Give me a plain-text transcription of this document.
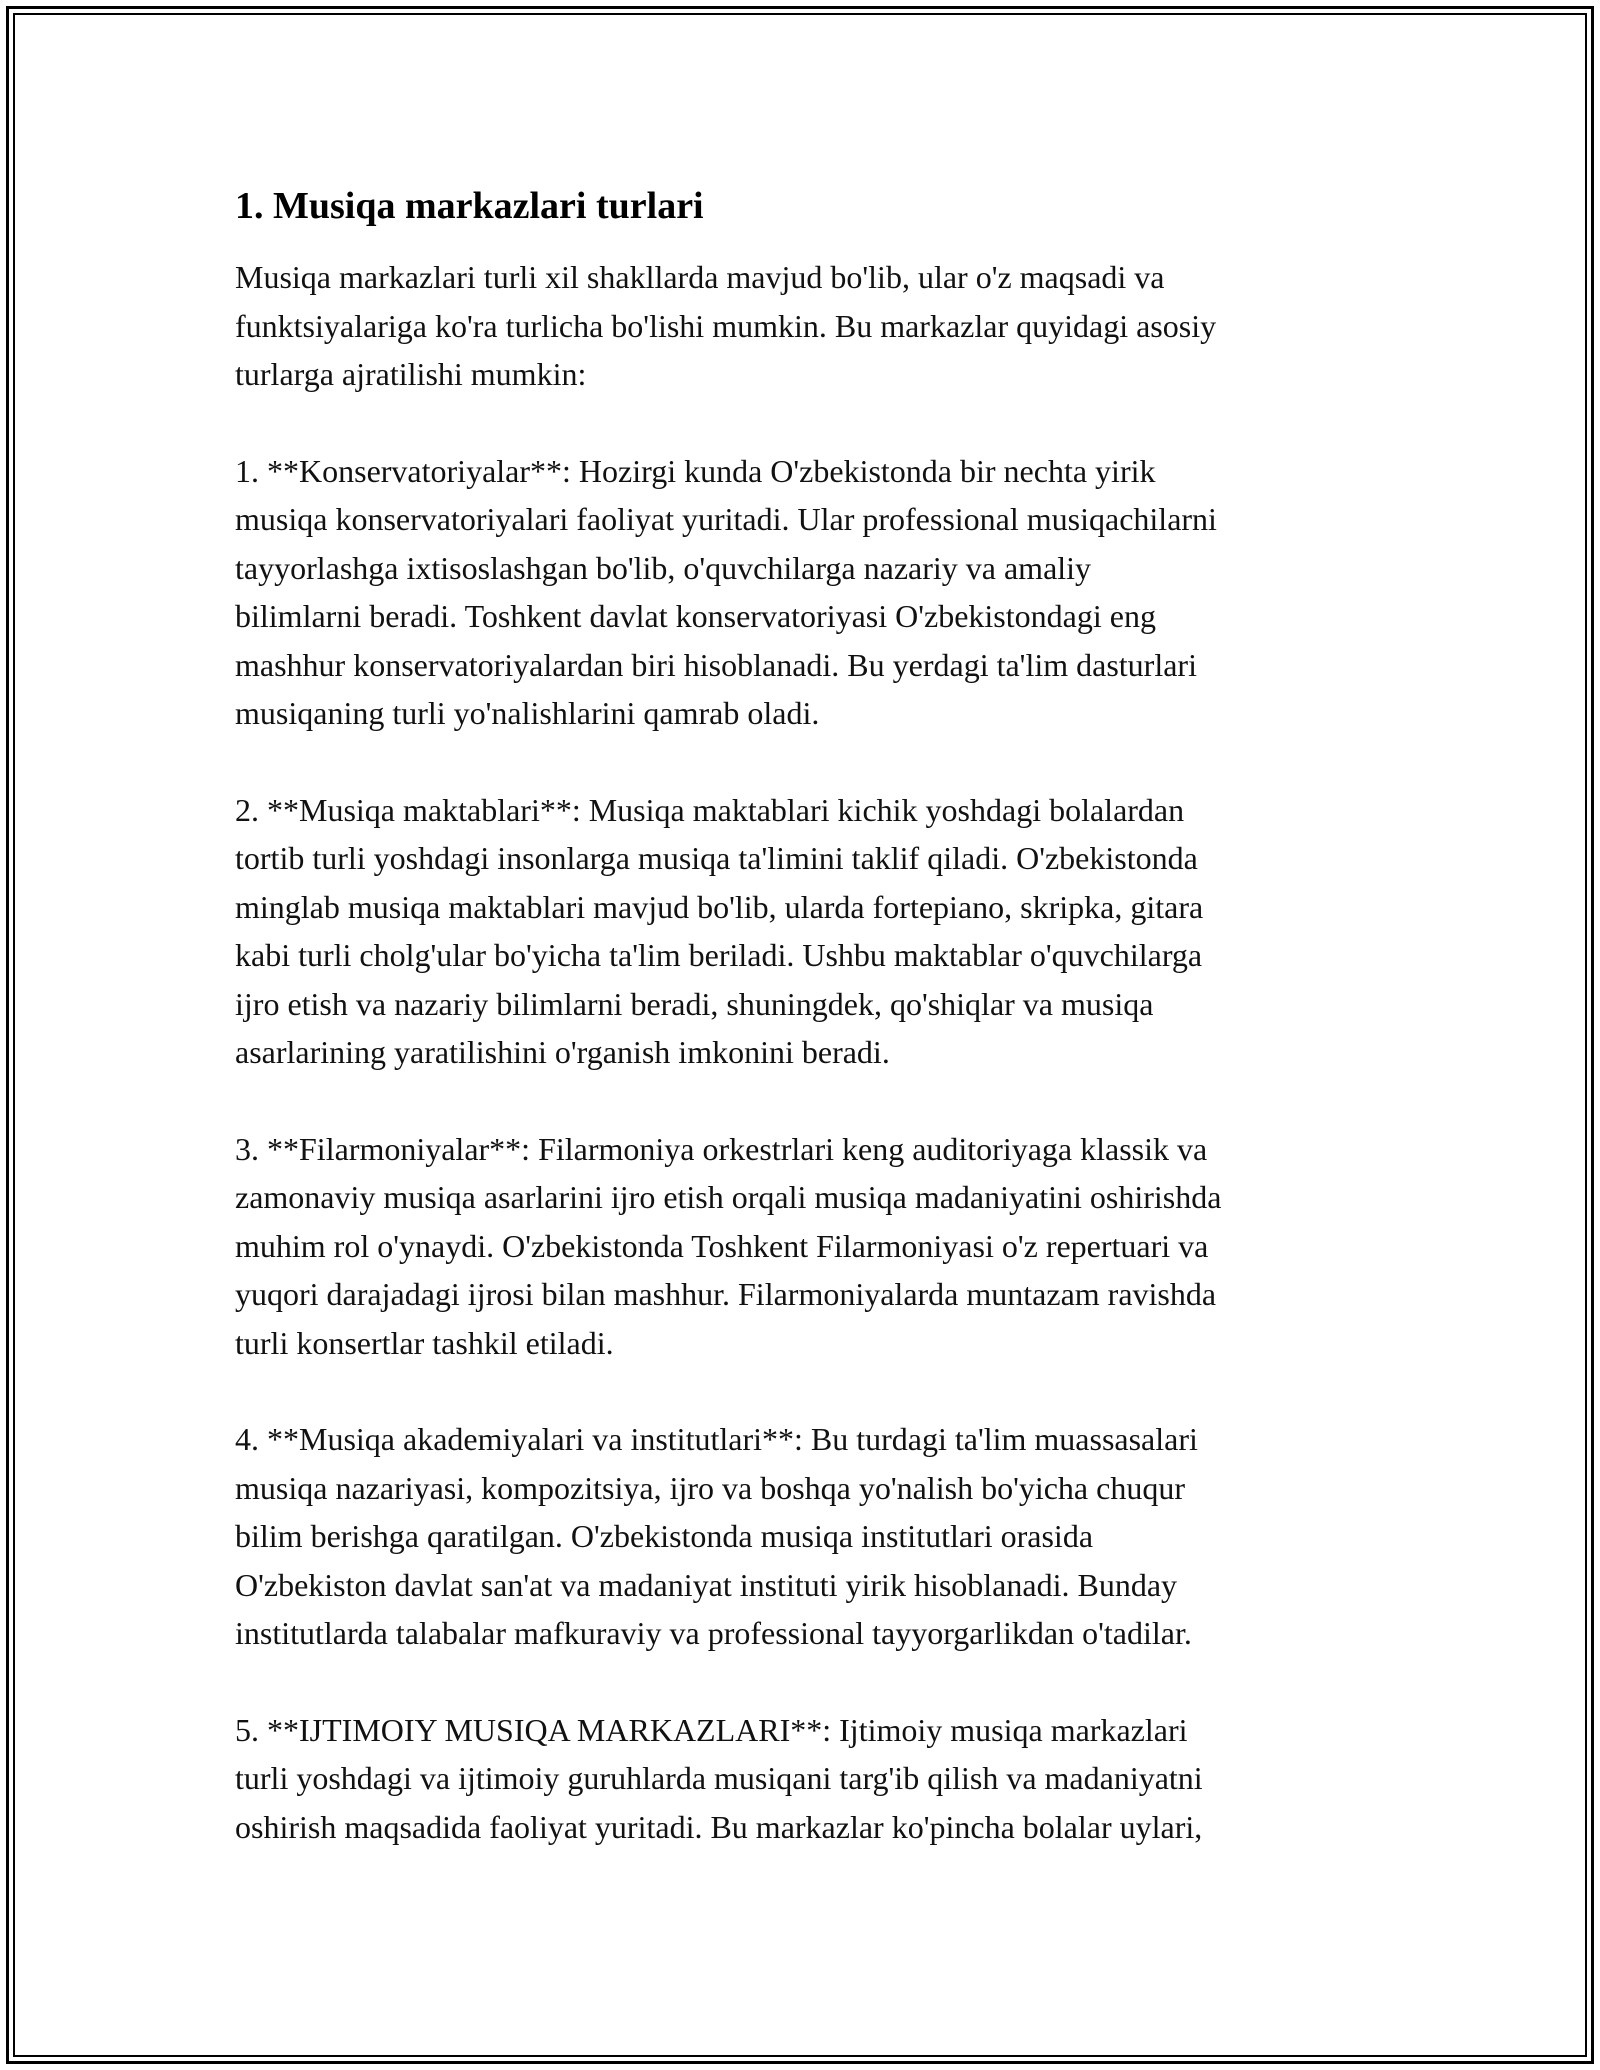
1. Musiqa markazlari turlari

Musiqa markazlari turli xil shakllarda mavjud bo'lib, ular o'z maqsadi va
funktsiyalariga ko'ra turlicha bo'lishi mumkin. Bu markazlar quyidagi asosiy
turlarga ajratilishi mumkin:

1. **Konservatoriyalar**: Hozirgi kunda O'zbekistonda bir nechta yirik
musiqa konservatoriyalari faoliyat yuritadi. Ular professional musiqachilarni
tayyorlashga ixtisoslashgan bo'lib, o'quvchilarga nazariy va amaliy
bilimlarni beradi. Toshkent davlat konservatoriyasi O'zbekistondagi eng
mashhur konservatoriyalardan biri hisoblanadi. Bu yerdagi ta'lim dasturlari
musiqaning turli yo'nalishlarini qamrab oladi.

2. **Musiqa maktablari**: Musiqa maktablari kichik yoshdagi bolalardan
tortib turli yoshdagi insonlarga musiqa ta'limini taklif qiladi. O'zbekistonda
minglab musiqa maktablari mavjud bo'lib, ularda fortepiano, skripka, gitara
kabi turli cholg'ular bo'yicha ta'lim beriladi. Ushbu maktablar o'quvchilarga
ijro etish va nazariy bilimlarni beradi, shuningdek, qo'shiqlar va musiqa
asarlarining yaratilishini o'rganish imkonini beradi.

3. **Filarmoniyalar**: Filarmoniya orkestrlari keng auditoriyaga klassik va
zamonaviy musiqa asarlarini ijro etish orqali musiqa madaniyatini oshirishda
muhim rol o'ynaydi. O'zbekistonda Toshkent Filarmoniyasi o'z repertuari va
yuqori darajadagi ijrosi bilan mashhur. Filarmoniyalarda muntazam ravishda
turli konsertlar tashkil etiladi.

4. **Musiqa akademiyalari va institutlari**: Bu turdagi ta'lim muassasalari
musiqa nazariyasi, kompozitsiya, ijro va boshqa yo'nalish bo'yicha chuqur
bilim berishga qaratilgan. O'zbekistonda musiqa institutlari orasida
O'zbekiston davlat san'at va madaniyat instituti yirik hisoblanadi. Bunday
institutlarda talabalar mafkuraviy va professional tayyorgarlikdan o'tadilar.

5. **IJTIMOIY MUSIQA MARKAZLARI**: Ijtimoiy musiqa markazlari
turli yoshdagi va ijtimoiy guruhlarda musiqani targ'ib qilish va madaniyatni
oshirish maqsadida faoliyat yuritadi. Bu markazlar ko'pincha bolalar uylari,
